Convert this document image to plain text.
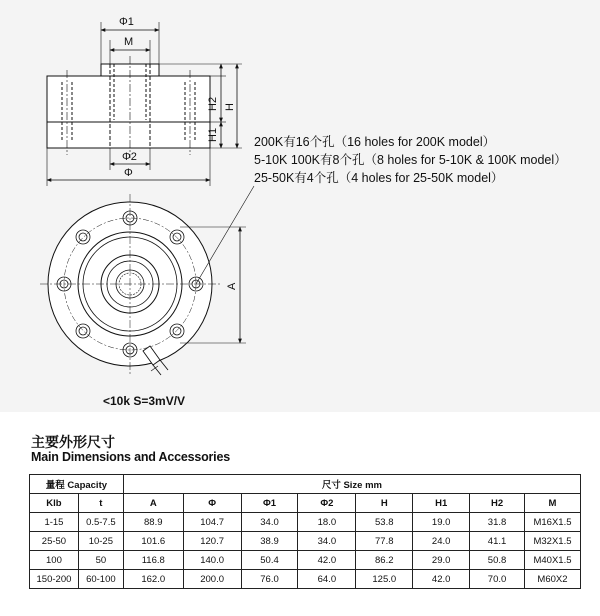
Φ1
M
H2 H
H1
Φ2
Φ
200K有16个孔（16 holes for 200K model）
5-10K 100K有8个孔（8 holes for 5-10K & 100K model）
25-50K有4个孔（4 holes for 25-50K model）
A
<10k S=3mV/V
主要外形尺寸
Main Dimensions and Accessories
量程 Capacity		尺寸 Size mm							
Klb	t	A	Φ	Φ1	Φ2	H	H1	H2	M
1-15	0.5-7.5	88.9	104.7	34.0	18.0	53.8	19.0	31.8	M16X1.5
25-50	10-25	101.6	120.7	38.9	34.0	77.8	24.0	41.1	M32X1.5
100	50	116.8	140.0	50.4	42.0	86.2	29.0	50.8	M40X1.5
150-200	60-100	162.0	200.0	76.0	64.0	125.0	42.0	70.0	M60X2
